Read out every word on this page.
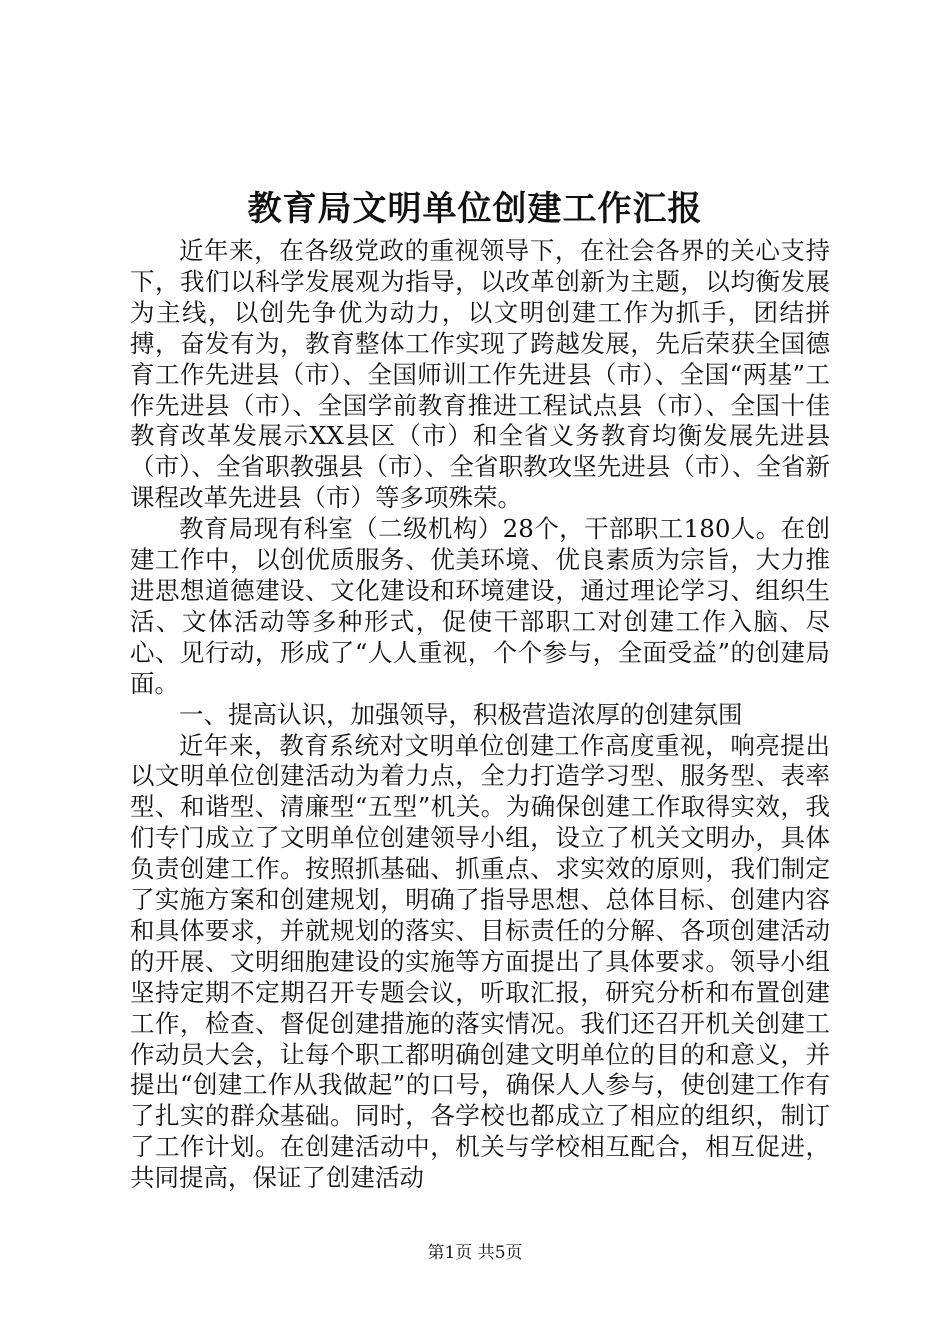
教育局文明单位创建工作汇报

近年来，在各级党政的重视领导下，在社会各界的关心支持下，我们以科学发展观为指导，以改革创新为主题，以均衡发展为主线，以创先争优为动力，以文明创建工作为抓手，团结拼搏，奋发有为，教育整体工作实现了跨越发展，先后荣获全国德育工作先进县（市）、全国师训工作先进县（市）、全国“两基”工作先进县（市）、全国学前教育推进工程试点县（市）、全国十佳教育改革发展示XX县区（市）和全省义务教育均衡发展先进县（市）、全省职教强县（市）、全省职教攻坚先进县（市）、全省新课程改革先进县（市）等多项殊荣。

教育局现有科室（二级机构）28个，干部职工180人。在创建工作中，以创优质服务、优美环境、优良素质为宗旨，大力推进思想道德建设、文化建设和环境建设，通过理论学习、组织生活、文体活动等多种形式，促使干部职工对创建工作入脑、尽心、见行动，形成了“人人重视，个个参与，全面受益”的创建局面。

一、提高认识，加强领导，积极营造浓厚的创建氛围

近年来，教育系统对文明单位创建工作高度重视，响亮提出以文明单位创建活动为着力点，全力打造学习型、服务型、表率型、和谐型、清廉型“五型”机关。为确保创建工作取得实效，我们专门成立了文明单位创建领导小组，设立了机关文明办，具体负责创建工作。按照抓基础、抓重点、求实效的原则，我们制定了实施方案和创建规划，明确了指导思想、总体目标、创建内容和具体要求，并就规划的落实、目标责任的分解、各项创建活动的开展、文明细胞建设的实施等方面提出了具体要求。领导小组坚持定期不定期召开专题会议，听取汇报，研究分析和布置创建工作，检查、督促创建措施的落实情况。我们还召开机关创建工作动员大会，让每个职工都明确创建文明单位的目的和意义，并提出“创建工作从我做起”的口号，确保人人参与，使创建工作有了扎实的群众基础。同时，各学校也都成立了相应的组织，制订了工作计划。在创建活动中，机关与学校相互配合，相互促进，共同提高，保证了创建活动

第1页 共5页
